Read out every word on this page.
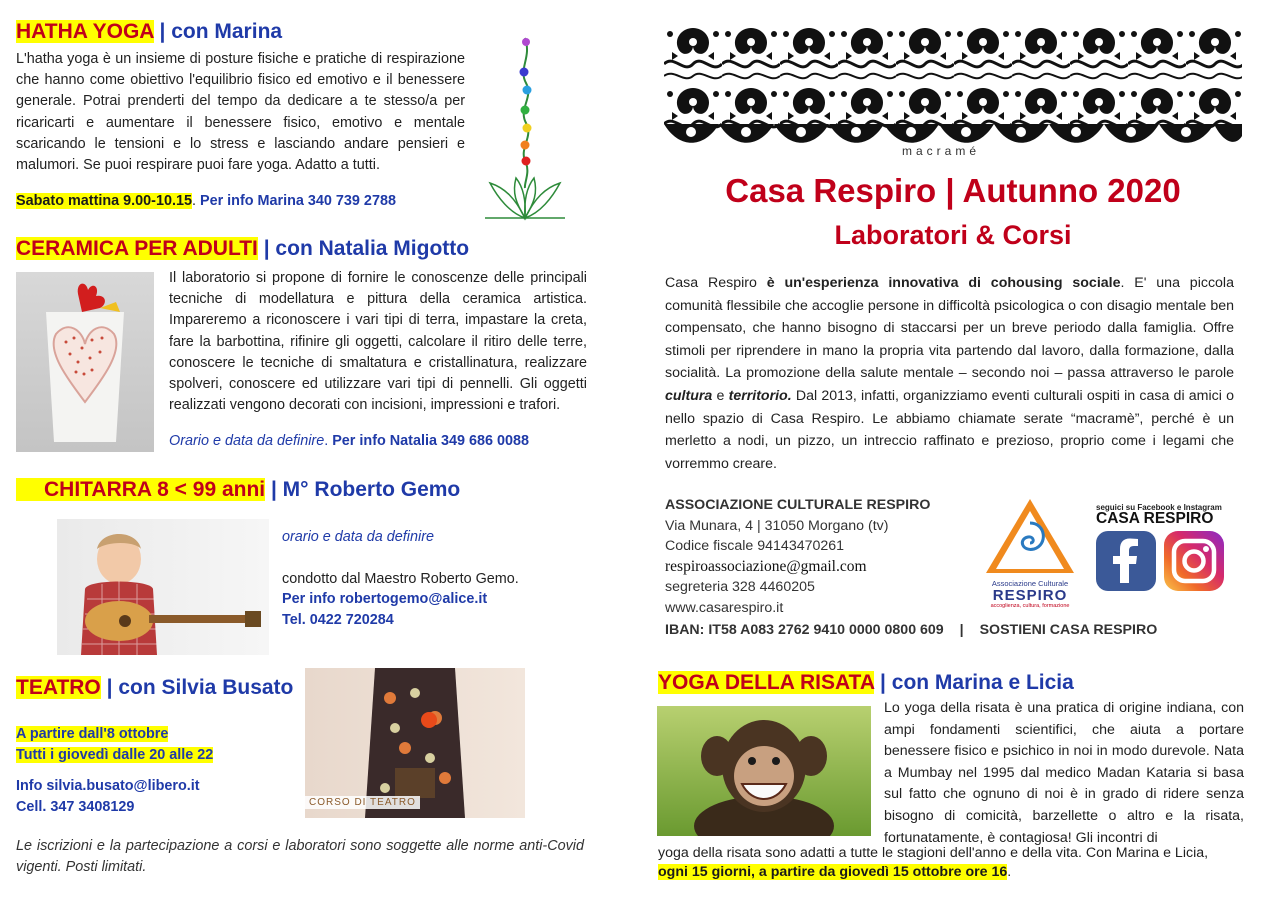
HATHA YOGA | con Marina
L'hatha yoga è un insieme di posture fisiche e pratiche di respirazione che hanno come obiettivo l'equilibrio fisico ed emotivo e il benessere generale. Potrai prenderti del tempo da dedicare a te stesso/a per ricaricarti e aumentare il benessere fisico, emotivo e mentale scaricando le tensioni e lo stress e lasciando andare pensieri e malumori. Se puoi respirare puoi fare yoga. Adatto a tutti.
Sabato mattina 9.00-10.15. Per info Marina 340 739 2788
CERAMICA PER ADULTI | con Natalia Migotto
Il laboratorio si propone di fornire le conoscenze delle principali tecniche di modellatura e pittura della ceramica artistica. Impareremo a riconoscere i vari tipi di terra, impastare la creta, fare la barbottina, rifinire gli oggetti, calcolare il ritiro delle terre, conoscere le tecniche di smaltatura e cristallinatura, realizzare spolveri, conoscere ed utilizzare vari tipi di pennelli. Gli oggetti realizzati vengono decorati con incisioni, impressioni e trafori.
Orario e data da definire. Per info Natalia 349 686 0088
CHITARRA 8 < 99 anni | M° Roberto Gemo
orario e data da definire
condotto dal Maestro Roberto Gemo.
Per info robertogemo@alice.it
Tel. 0422 720284
TEATRO | con Silvia Busato
A partire dall'8 ottobre
Tutti i giovedì dalle 20 alle 22
Info silvia.busato@libero.it
Cell. 347 3408129	CORSO DI TEATRO
Le iscrizioni e la partecipazione a corsi e laboratori sono soggette alle norme anti-Covid vigenti. Posti limitati.
macramé
Casa Respiro | Autunno 2020
Laboratori & Corsi
Casa Respiro è un'esperienza innovativa di cohousing sociale. E' una piccola comunità flessibile che accoglie persone in difficoltà psicologica o con disagio mentale ben compensato, che hanno bisogno di staccarsi per un breve periodo dalla famiglia. Offre stimoli per riprendere in mano la propria vita partendo dal lavoro, dalla formazione, dalla socialità. La promozione della salute mentale – secondo noi – passa attraverso le parole cultura e territorio. Dal 2013, infatti, organizziamo eventi culturali ospiti in casa di amici o nello spazio di Casa Respiro. Le abbiamo chiamate serate “macramè”, perché è un merletto a nodi, un pizzo, un intreccio raffinato e prezioso, proprio come i legami che vorremmo creare.
ASSOCIAZIONE CULTURALE RESPIRO
Via Munara, 4 | 31050 Morgano (tv)
Codice fiscale 94143470261
respiroassociazione@gmail.com
segreteria 328 4460205
www.casarespiro.it
IBAN: IT58 A083 2762 9410 0000 0800 609 | SOSTIENI CASA RESPIRO
Associazione Culturale
RESPIRO
accoglienza, cultura, formazione
seguici su Facebook e Instagram
CASA RESPIRO
YOGA DELLA RISATA | con Marina e Licia
Lo yoga della risata è una pratica di origine indiana, con ampi fondamenti scientifici, che aiuta a portare benessere fisico e psichico in noi in modo durevole. Nata a Mumbay nel 1995 dal medico Madan Kataria si basa sul fatto che ognuno di noi è in grado di ridere senza bisogno di comicità, barzellette o altro e la risata, fortunatamente, è contagiosa! Gli incontri di
yoga della risata sono adatti a tutte le stagioni dell'anno e della vita. Con Marina e Licia,
ogni 15 giorni, a partire da giovedì 15 ottobre ore 16.
